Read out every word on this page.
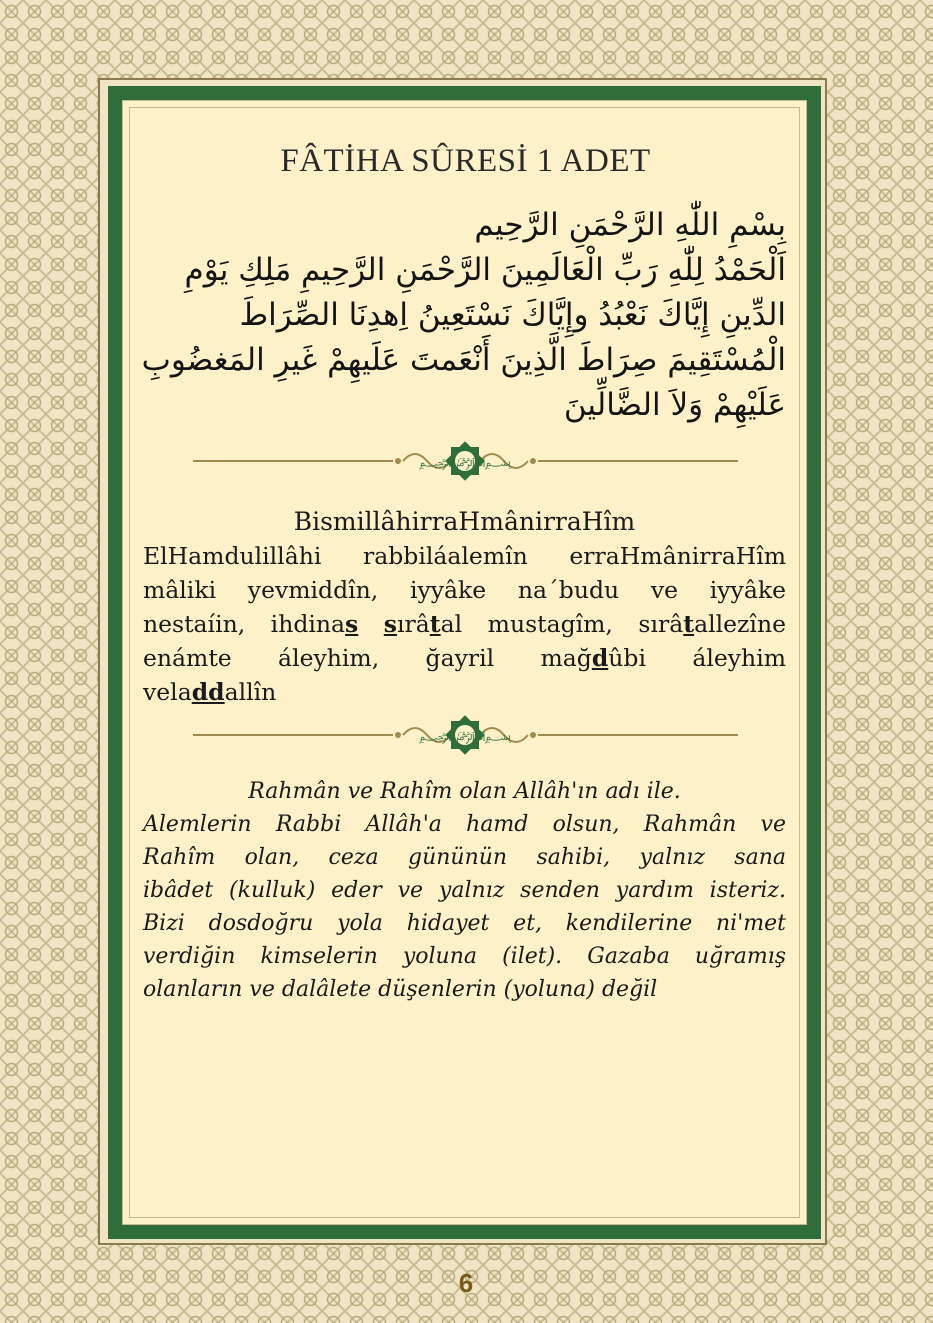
FÂTİHA SÛRESİ 1 ADET
بِسْمِ اللّٰهِ الرَّحْمَنِ الرَّحِيم
اَلْحَمْدُ لِلّٰهِ رَبِّ الْعَالَمِينَ الرَّحْمَنِ الرَّحِيمِ مَلِكِ يَوْمِ
الدِّينِ إِيَّاكَ نَعْبُدُ وإِيَّاكَ نَسْتَعِينُ اِهدِنَا الصِّرَاطَ
الْمُسْتَقِيمَ صِرَاطَ الَّذِينَ أَنْعَمتَ عَلَيهِمْ غَيرِ المَغضُوبِ
عَلَيْهِمْ وَلاَ الضَّالِّينَ
﷽
BismillâhirraHmânirraHîm
ElHamdulillâhi rabbiláalemîn erraHmânirraHîm
mâliki yevmiddîn, iyyâke na´budu ve iyyâke
nestaíin, ihdinas sırâtal mustagîm, sırâtallezîne
enámte áleyhim, ğayril mağdûbi áleyhim
veladdallîn
﷽
Rahmân ve Rahîm olan Allâh'ın adı ile.
Alemlerin Rabbi Allâh'a hamd olsun, Rahmân ve
Rahîm olan, ceza gününün sahibi, yalnız sana
ibâdet (kulluk) eder ve yalnız senden yardım isteriz.
Bizi dosdoğru yola hidayet et, kendilerine ni'met
verdiğin kimselerin yoluna (ilet). Gazaba uğramış
olanların ve dalâlete düşenlerin (yoluna) değil
6
